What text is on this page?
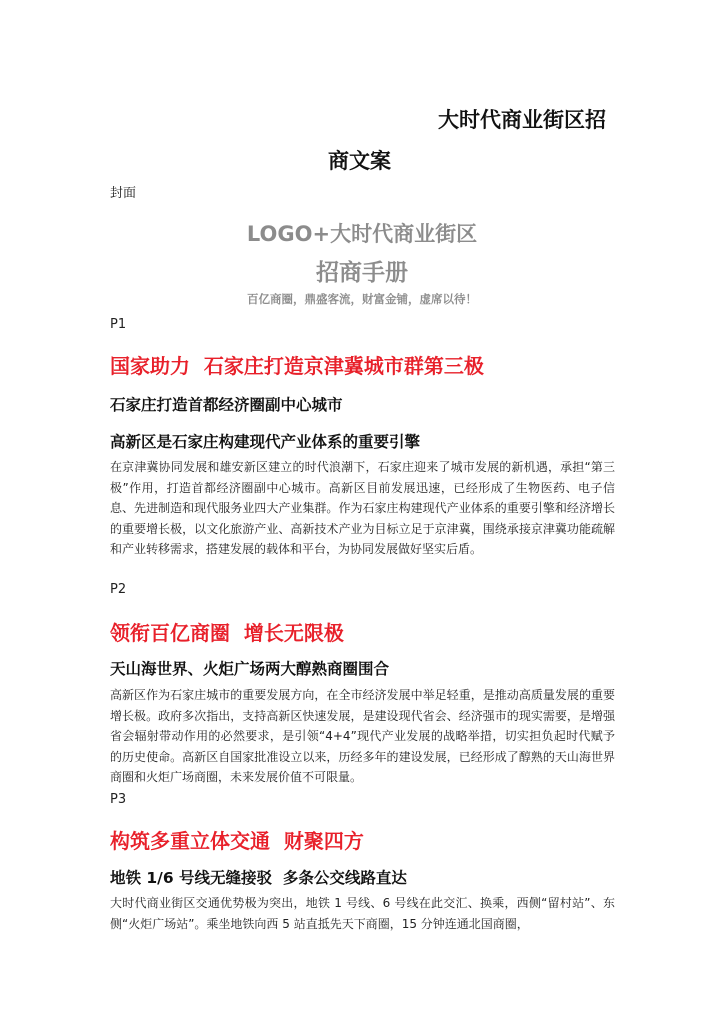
大时代商业街区招
商文案
封面
LOGO+大时代商业街区
招商手册
百亿商圈，鼎盛客流，财富金铺，虚席以待！
P1
国家助力  石家庄打造京津冀城市群第三极
石家庄打造首都经济圈副中心城市
高新区是石家庄构建现代产业体系的重要引擎
在京津冀协同发展和雄安新区建立的时代浪潮下，石家庄迎来了城市发展的新机遇，承担“第三极”作用，打造首都经济圈副中心城市。高新区目前发展迅速，已经形成了生物医药、电子信息、先进制造和现代服务业四大产业集群。作为石家庄构建现代产业体系的重要引擎和经济增长的重要增长极，以文化旅游产业、高新技术产业为目标立足于京津冀，围绕承接京津冀功能疏解和产业转移需求，搭建发展的载体和平台，为协同发展做好坚实后盾。
P2
领衔百亿商圈  增长无限极
天山海世界、火炬广场两大醇熟商圈围合
高新区作为石家庄城市的重要发展方向，在全市经济发展中举足轻重，是推动高质量发展的重要增长极。政府多次指出，支持高新区快速发展，是建设现代省会、经济强市的现实需要，是增强省会辐射带动作用的必然要求，是引领“4+4”现代产业发展的战略举措，切实担负起时代赋予的历史使命。高新区自国家批准设立以来，历经多年的建设发展，已经形成了醇熟的天山海世界商圈和火炬广场商圈，未来发展价值不可限量。
P3
构筑多重立体交通  财聚四方
地铁 1/6 号线无缝接驳  多条公交线路直达
大时代商业街区交通优势极为突出，地铁 1 号线、6 号线在此交汇、换乘，西侧“留村站”、东侧“火炬广场站”。乘坐地铁向西 5 站直抵先天下商圈，15 分钟连通北国商圈，
